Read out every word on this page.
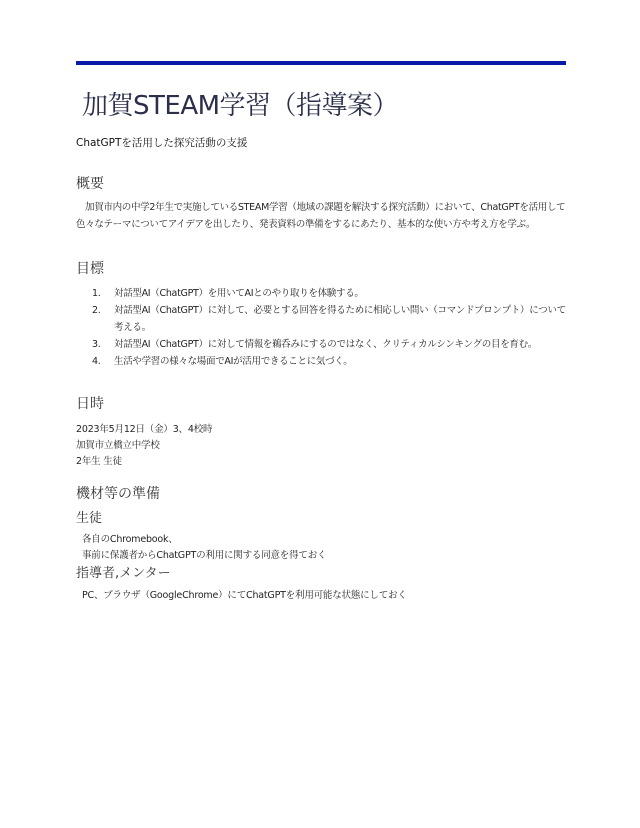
加賀STEAM学習（指導案）
ChatGPTを活用した探究活動の支援
概要
加賀市内の中学2年生で実施しているSTEAM学習（地域の課題を解決する探究活動）において、ChatGPTを活用して色々なテーマについてアイデアを出したり、発表資料の準備をするにあたり、基本的な使い方や考え方を学ぶ。
目標
1. 対話型AI（ChatGPT）を用いてAIとのやり取りを体験する。
2. 対話型AI（ChatGPT）に対して、必要とする回答を得るために相応しい問い（コマンドプロンプト）について考える。
3. 対話型AI（ChatGPT）に対して情報を鵜呑みにするのではなく、クリティカルシンキングの目を育む。
4. 生活や学習の様々な場面でAIが活用できることに気づく。
日時
2023年5月12日（金）3、4校時
加賀市立橋立中学校
2年生 生徒
機材等の準備
生徒
各自のChromebook、
事前に保護者からChatGPTの利用に関する同意を得ておく
指導者,メンター
PC、ブラウザ（GoogleChrome）にてChatGPTを利用可能な状態にしておく
